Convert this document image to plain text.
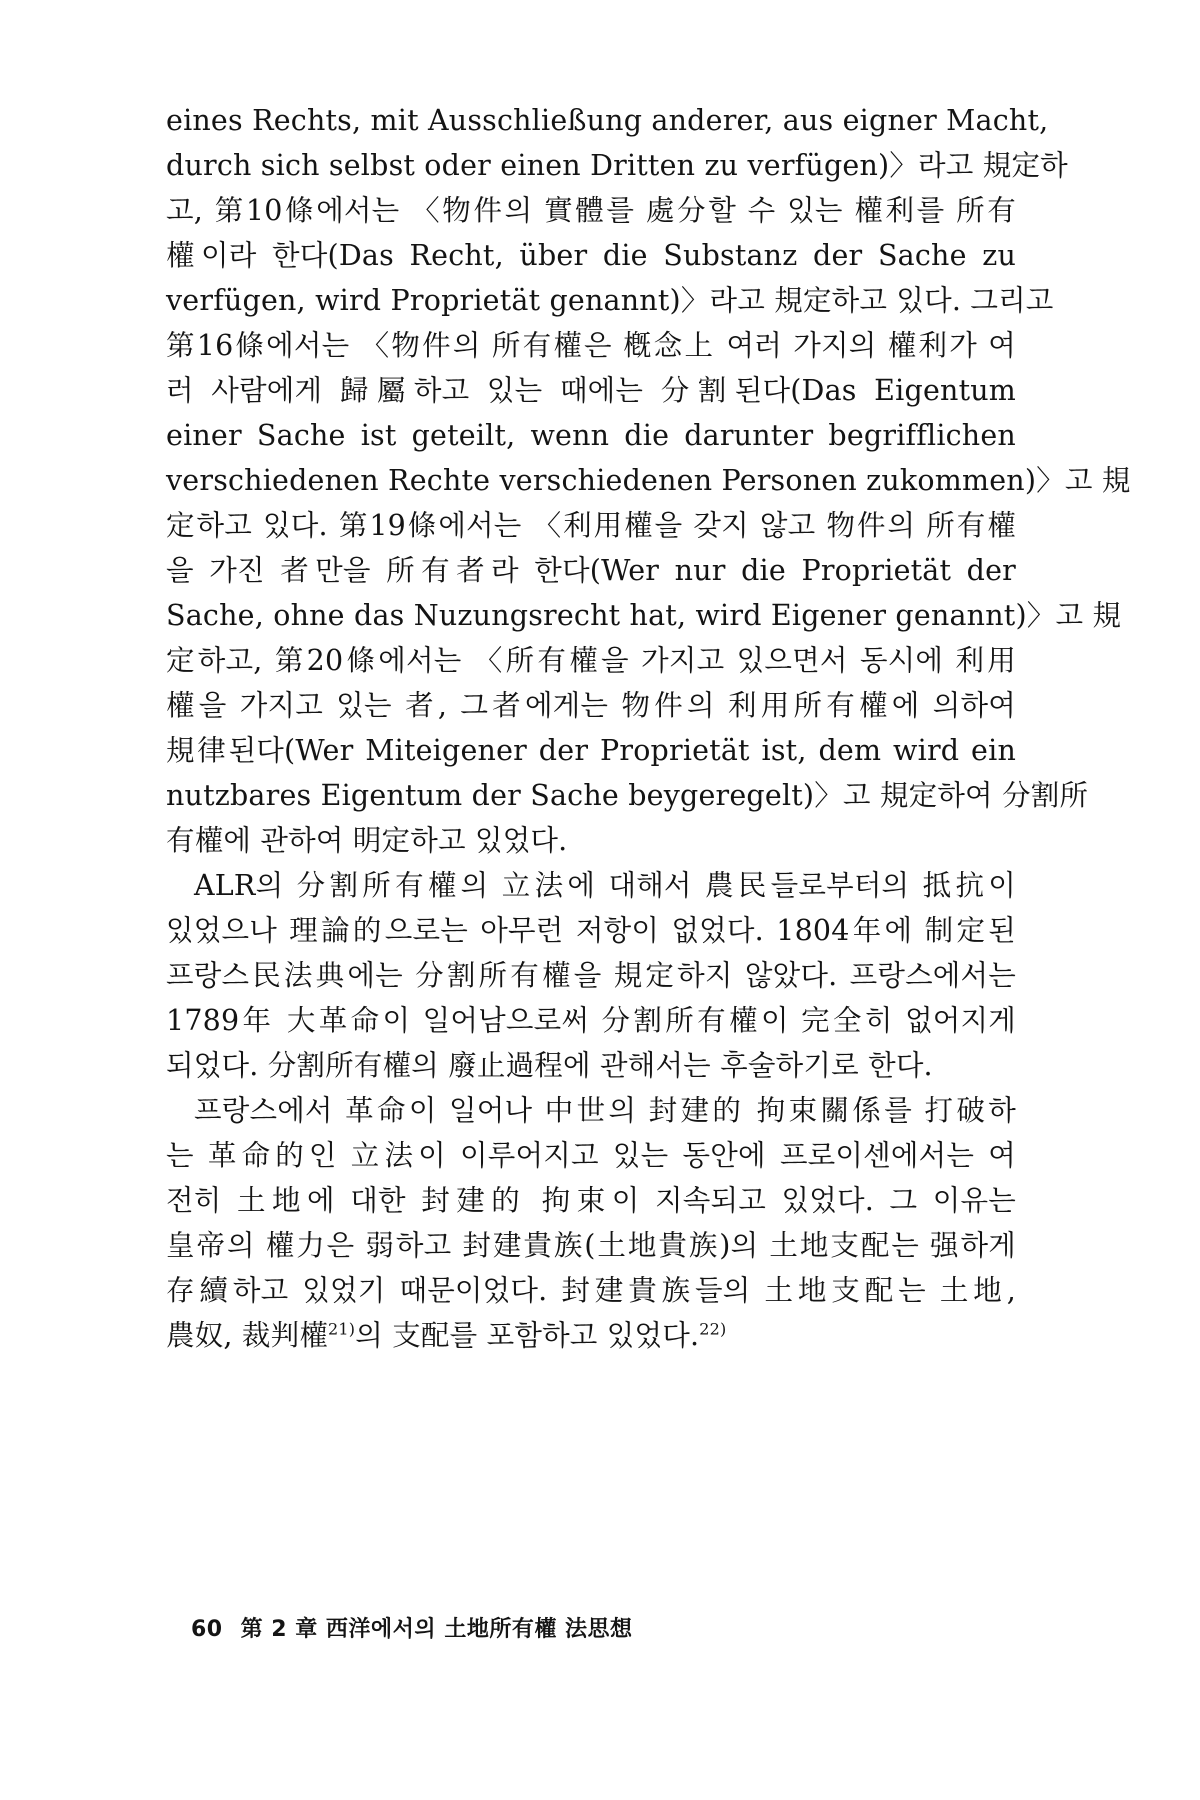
eines Rechts, mit Ausschließung anderer, aus eigner Macht,
durch sich selbst oder einen Dritten zu verfügen)〉라고 規定하
고, 第10條에서는 〈物件의 實體를 處分할 수 있는 權利를 所有
權이라 한다(Das Recht, über die Substanz der Sache zu
verfügen, wird Proprietät genannt)〉라고 規定하고 있다. 그리고
第16條에서는 〈物件의 所有權은 槪念上 여러 가지의 權利가 여
러 사람에게 歸屬하고 있는 때에는 分割된다(Das Eigentum
einer Sache ist geteilt, wenn die darunter begrifflichen
verschiedenen Rechte verschiedenen Personen zukommen)〉고 規
定하고 있다. 第19條에서는 〈利用權을 갖지 않고 物件의 所有權
을 가진 者만을 所有者라 한다(Wer nur die Proprietät der
Sache, ohne das Nuzungsrecht hat, wird Eigener genannt)〉고 規
定하고, 第20條에서는 〈所有權을 가지고 있으면서 동시에 利用
權을 가지고 있는 者, 그者에게는 物件의 利用所有權에 의하여
規律된다(Wer Miteigener der Proprietät ist, dem wird ein
nutzbares Eigentum der Sache beygeregelt)〉고 規定하여 分割所
有權에 관하여 明定하고 있었다.
ALR의 分割所有權의 立法에 대해서 農民들로부터의 抵抗이
있었으나 理論的으로는 아무런 저항이 없었다. 1804年에 制定된
프랑스民法典에는 分割所有權을 規定하지 않았다. 프랑스에서는
1789年 大革命이 일어남으로써 分割所有權이 完全히 없어지게
되었다. 分割所有權의 廢止過程에 관해서는 후술하기로 한다.
프랑스에서 革命이 일어나 中世의 封建的 拘束關係를 打破하
는 革命的인 立法이 이루어지고 있는 동안에 프로이센에서는 여
전히 土地에 대한 封建的 拘束이 지속되고 있었다. 그 이유는
皇帝의 權力은 弱하고 封建貴族(土地貴族)의 土地支配는 强하게
存續하고 있었기 때문이었다. 封建貴族들의 土地支配는 土地,
農奴, 裁判權$^{21)}$의 支配를 포함하고 있었다.$^{22)}$
60 第 2 章 西洋에서의 土地所有權 法思想
